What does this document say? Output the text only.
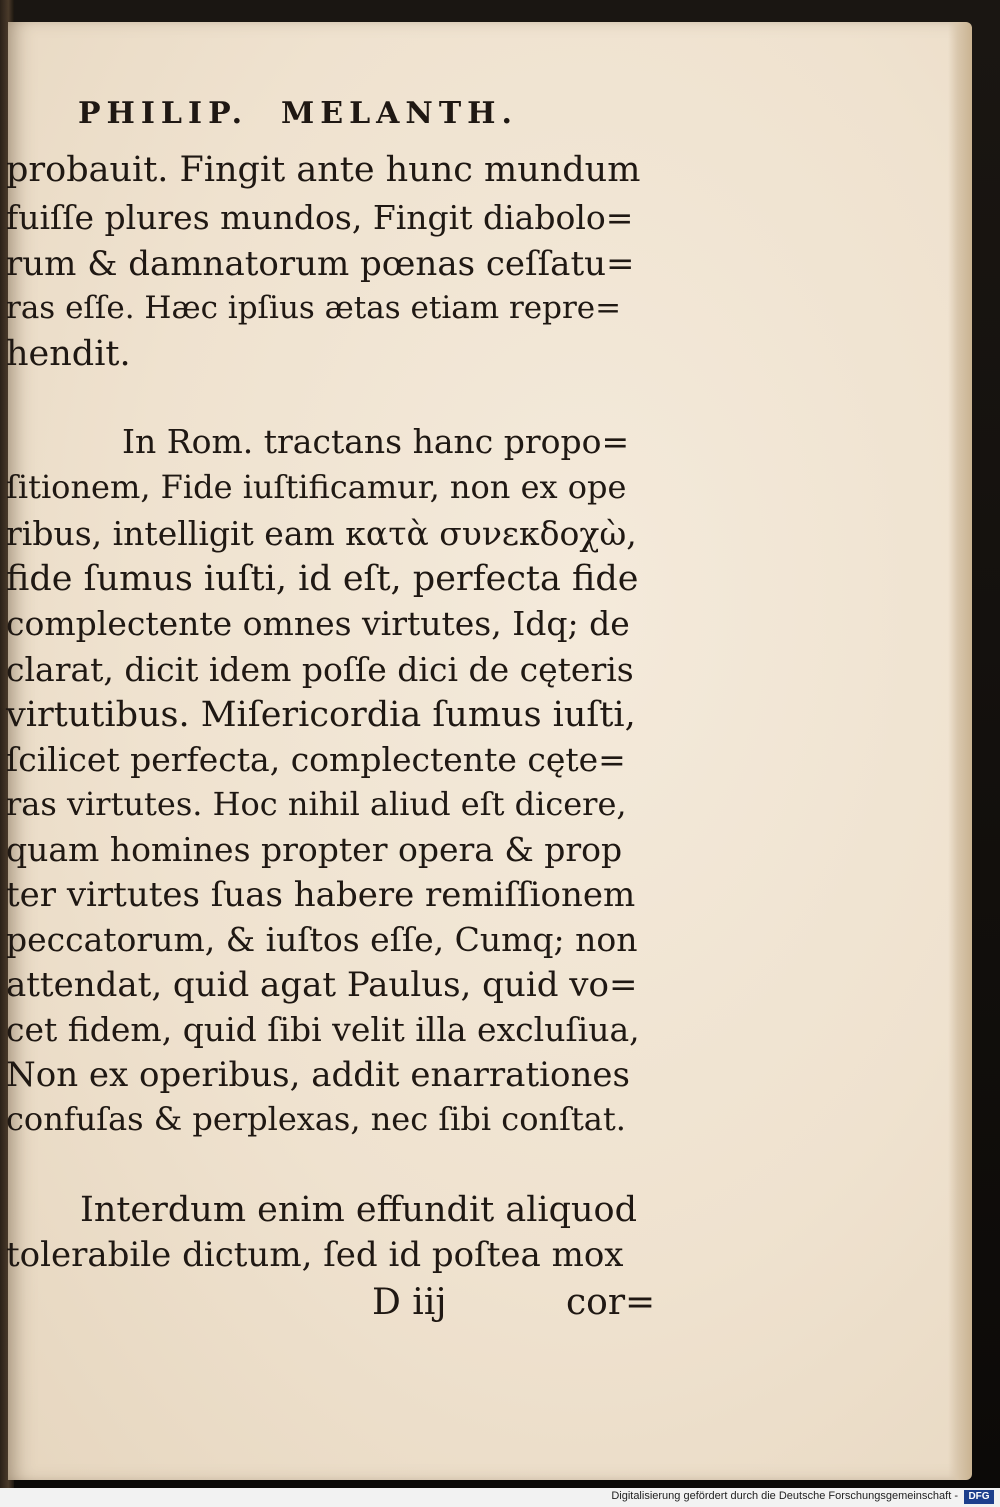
PHILIP.  MELANTH.
probauit. Fingit ante hunc mundum
fuiſſe plures mundos, Fingit diabolo=
rum & damnatorum pœnas ceſſatu=
ras eſſe. Hæc ipſius ætas etiam repre=
hendit.
In Rom. tractans hanc propo=
ſitionem, Fide iuſtificamur, non ex ope
ribus, intelligit eam κατὰ συνεκδοχὼ,
fide ſumus iuſti, id eſt, perfecta fide
complectente omnes virtutes, Idq; de
clarat, dicit idem poſſe dici de cęteris
virtutibus. Miſericordia ſumus iuſti,
ſcilicet perfecta, complectente cęte=
ras virtutes. Hoc nihil aliud eſt dicere,
quam homines propter opera & prop
ter virtutes ſuas habere remiſſionem
peccatorum, & iuſtos eſſe, Cumq; non
attendat, quid agat Paulus, quid vo=
cet fidem, quid ſibi velit illa excluſiua,
Non ex operibus, addit enarrationes
confuſas & perplexas, nec ſibi conſtat.
Interdum enim effundit aliquod
tolerabile dictum, ſed id poſtea mox
D iij	cor=
Digitalisierung gefördert durch die Deutsche Forschungsgemeinschaft -	DFG
